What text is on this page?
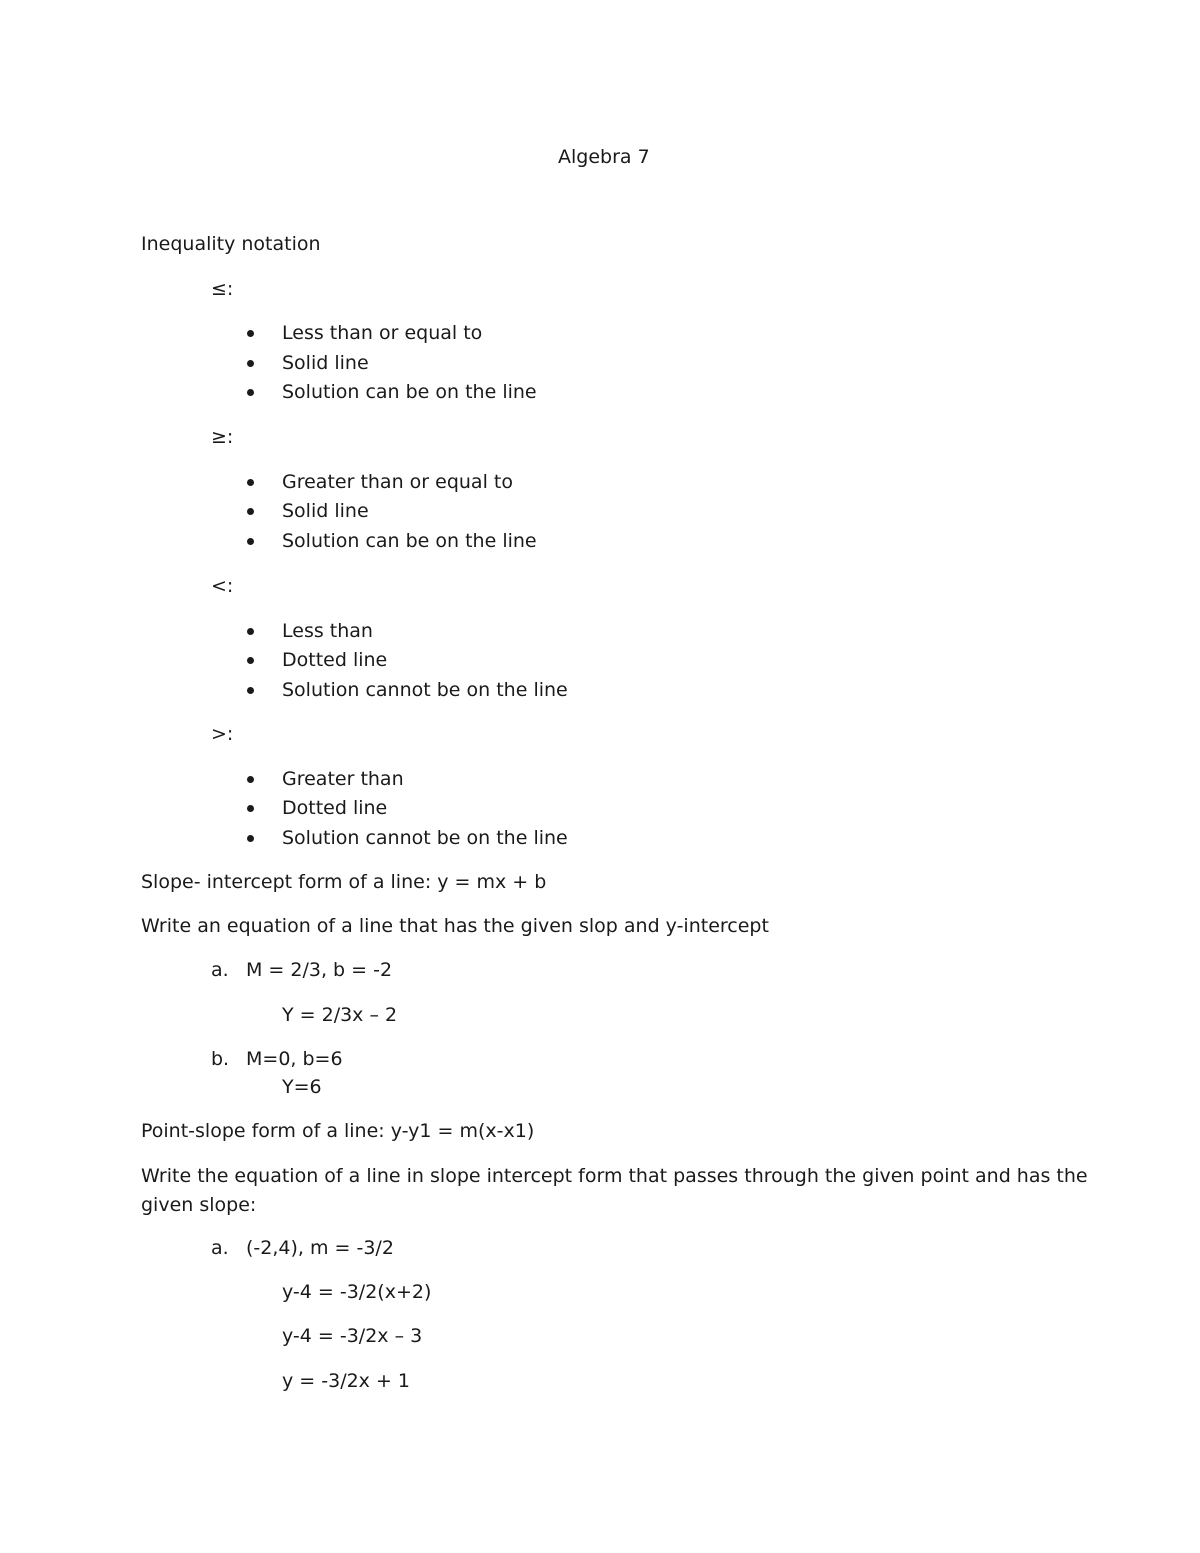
Algebra 7
Inequality notation
≤:
Less than or equal to
Solid line
Solution can be on the line
≥:
Greater than or equal to
Solid line
Solution can be on the line
<:
Less than
Dotted line
Solution cannot be on the line
>:
Greater than
Dotted line
Solution cannot be on the line
Slope- intercept form of a line: y = mx + b
Write an equation of a line that has the given slop and y-intercept
a. M = 2/3, b = -2
Y = 2/3x – 2
b. M=0, b=6
Y=6
Point-slope form of a line: y-y1 = m(x-x1)
Write the equation of a line in slope intercept form that passes through the given point and has the
given slope:
a. (-2,4), m = -3/2
y-4 = -3/2(x+2)
y-4 = -3/2x – 3
y = -3/2x + 1
